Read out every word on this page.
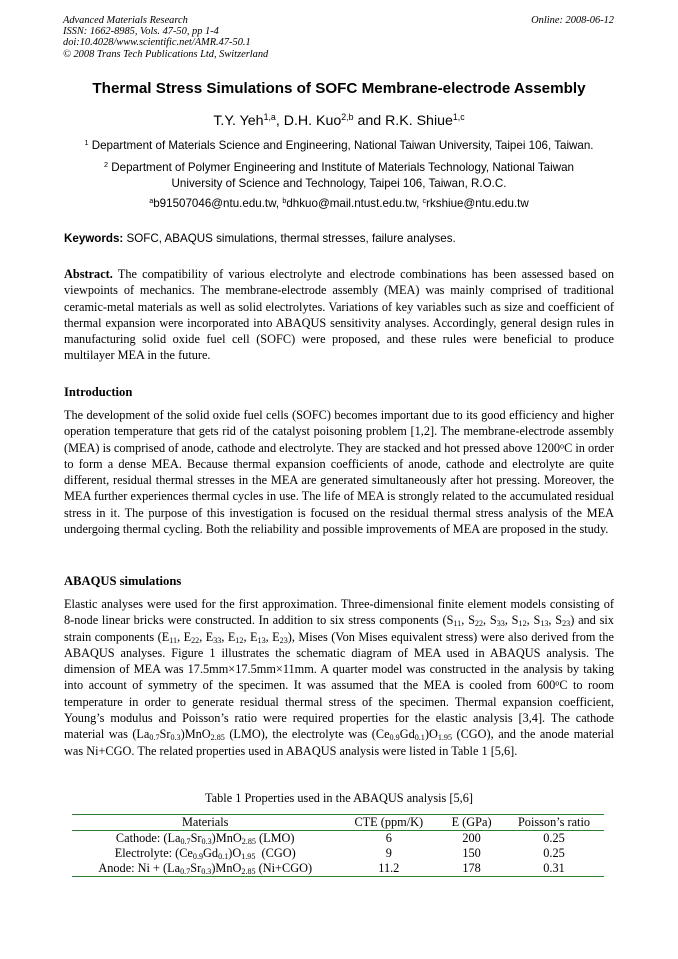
Advanced Materials Research
ISSN: 1662-8985, Vols. 47-50, pp 1-4
doi:10.4028/www.scientific.net/AMR.47-50.1
© 2008 Trans Tech Publications Ltd, Switzerland
Online: 2008-06-12
Thermal Stress Simulations of SOFC Membrane-electrode Assembly
T.Y. Yeh$^{1,a}$, D.H. Kuo$^{2,b}$ and R.K. Shiue$^{1,c}$
$^1$ Department of Materials Science and Engineering, National Taiwan University, Taipei 106, Taiwan.
$^2$ Department of Polymer Engineering and Institute of Materials Technology, National Taiwan
University of Science and Technology, Taipei 106, Taiwan, R.O.C.
$^a$b91507046@ntu.edu.tw, $^b$dhkuo@mail.ntust.edu.tw, $^c$rkshiue@ntu.edu.tw
Keywords: SOFC, ABAQUS simulations, thermal stresses, failure analyses.
Abstract. The compatibility of various electrolyte and electrode combinations has been assessed based on viewpoints of mechanics. The membrane-electrode assembly (MEA) was mainly comprised of traditional ceramic-metal materials as well as solid electrolytes. Variations of key variables such as size and coefficient of thermal expansion were incorporated into ABAQUS sensitivity analyses. Accordingly, general design rules in manufacturing solid oxide fuel cell (SOFC) were proposed, and these rules were beneficial to produce multilayer MEA in the future.
Introduction
The development of the solid oxide fuel cells (SOFC) becomes important due to its good efficiency and higher operation temperature that gets rid of the catalyst poisoning problem [1,2]. The membrane-electrode assembly (MEA) is comprised of anode, cathode and electrolyte. They are stacked and hot pressed above 1200$^o$C in order to form a dense MEA. Because thermal expansion coefficients of anode, cathode and electrolyte are quite different, residual thermal stresses in the MEA are generated simultaneously after hot pressing. Moreover, the MEA further experiences thermal cycles in use. The life of MEA is strongly related to the accumulated residual stress in it. The purpose of this investigation is focused on the residual thermal stress analysis of the MEA undergoing thermal cycling. Both the reliability and possible improvements of MEA are proposed in the study.
ABAQUS simulations
Elastic analyses were used for the first approximation. Three-dimensional finite element models consisting of 8-node linear bricks were constructed. In addition to six stress components ($S_{11}$, $S_{22}$, $S_{33}$, $S_{12}$, $S_{13}$, $S_{23}$) and six strain components ($E_{11}$, $E_{22}$, $E_{33}$, $E_{12}$, $E_{13}$, $E_{23}$), Mises (Von Mises equivalent stress) were also derived from the ABAQUS analyses. Figure 1 illustrates the schematic diagram of MEA used in ABAQUS analysis. The dimension of MEA was 17.5mm×17.5mm×11mm. A quarter model was constructed in the analysis by taking into account of symmetry of the specimen. It was assumed that the MEA is cooled from 600$^o$C to room temperature in order to generate residual thermal stress of the specimen. Thermal expansion coefficient, Young’s modulus and Poisson’s ratio were required properties for the elastic analysis [3,4]. The cathode material was $(La_{0.7}Sr_{0.3})MnO_{2.85}$ (LMO), the electrolyte was $(Ce_{0.9}Gd_{0.1})O_{1.95}$ (CGO), and the anode material was Ni+CGO. The related properties used in ABAQUS analysis were listed in Table 1 [5,6].
Table 1 Properties used in the ABAQUS analysis [5,6]
Materials	CTE (ppm/K)	E (GPa)	Poisson’s ratio
Cathode: $(La_{0.7}Sr_{0.3})MnO_{2.85}$ (LMO)	6	200	0.25
Electrolyte: $(Ce_{0.9}Gd_{0.1})O_{1.95}$  (CGO)	9	150	0.25
Anode: $Ni + (La_{0.7}Sr_{0.3})MnO_{2.85}$ (Ni+CGO)	11.2	178	0.31
